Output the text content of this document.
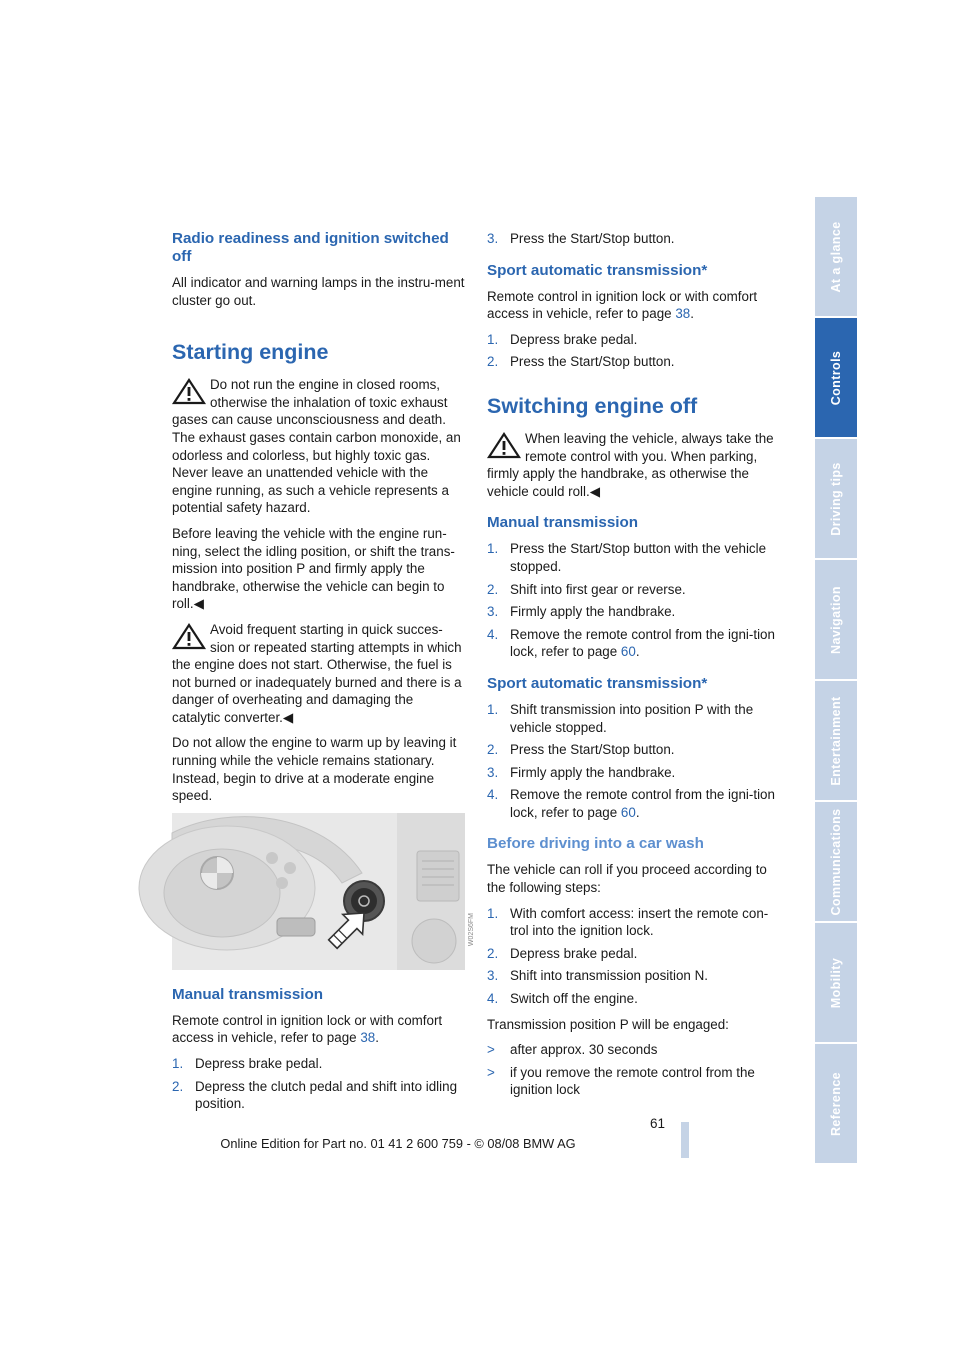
Radio readiness and ignition switched off
All indicator and warning lamps in the instru-ment cluster go out.
Starting engine
Do not run the engine in closed rooms, otherwise the inhalation of toxic exhaust gases can cause unconsciousness and death. The exhaust gases contain carbon monoxide, an odorless and colorless, but highly toxic gas. Never leave an unattended vehicle with the engine running, as such a vehicle represents a potential safety hazard.
Before leaving the vehicle with the engine run-ning, select the idling position, or shift the trans-mission into position P and firmly apply the handbrake, otherwise the vehicle can begin to roll.◀
Avoid frequent starting in quick succes-sion or repeated starting attempts in which the engine does not start. Otherwise, the fuel is not burned or inadequately burned and there is a danger of overheating and damaging the catalytic converter.◀
Do not allow the engine to warm up by leaving it running while the vehicle remains stationary. Instead, begin to drive at a moderate engine speed.
W02S6FM
Manual transmission
Remote control in ignition lock or with comfort access in vehicle, refer to page 38.
1. Depress brake pedal.
2. Depress the clutch pedal and shift into idling position.
3. Press the Start/Stop button.
Sport automatic transmission*
Remote control in ignition lock or with comfort access in vehicle, refer to page 38.
1. Depress brake pedal.
2. Press the Start/Stop button.
Switching engine off
When leaving the vehicle, always take the remote control with you. When parking, firmly apply the handbrake, as otherwise the vehicle could roll.◀
Manual transmission
1. Press the Start/Stop button with the vehicle stopped.
2. Shift into first gear or reverse.
3. Firmly apply the handbrake.
4. Remove the remote control from the igni-tion lock, refer to page 60.
Sport automatic transmission*
1. Shift transmission into position P with the vehicle stopped.
2. Press the Start/Stop button.
3. Firmly apply the handbrake.
4. Remove the remote control from the igni-tion lock, refer to page 60.
Before driving into a car wash
The vehicle can roll if you proceed according to the following steps:
1. With comfort access: insert the remote con-trol into the ignition lock.
2. Depress brake pedal.
3. Shift into transmission position N.
4. Switch off the engine.
Transmission position P will be engaged:
>	after approx. 30 seconds
>	if you remove the remote control from the ignition lock
At a glance
Controls
Driving tips
Navigation
Entertainment
Communications
Mobility
Reference
61
Online Edition for Part no. 01 41 2 600 759 - © 08/08 BMW AG
